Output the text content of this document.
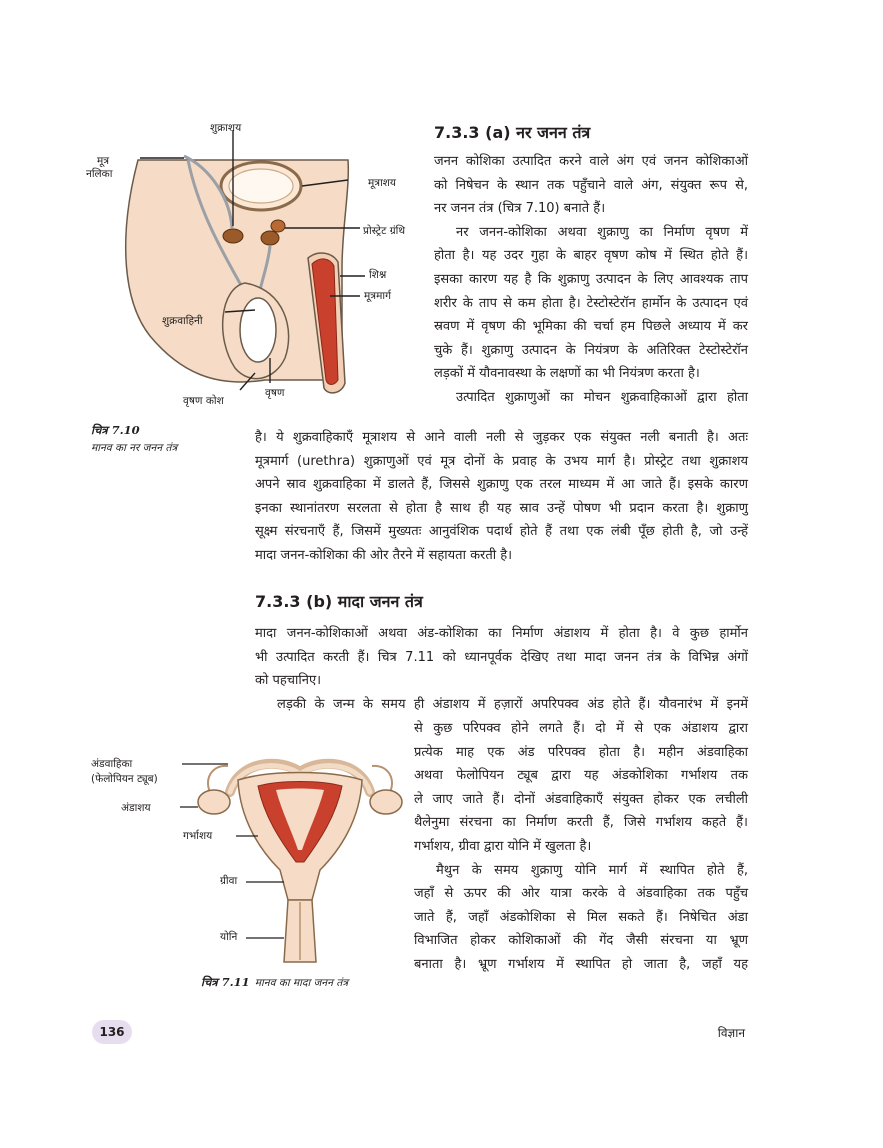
शुक्राशय
मूत्र
नलिका
मूत्राशय
प्रोस्ट्रेट ग्रंथि
शिश्न
मूत्रमार्ग
शुक्रवाहिनी
वृषण
वृषण कोश
चित्र 7.10
मानव का नर जनन तंत्र
7.3.3 (a) नर जनन तंत्र
जनन कोशिका उत्पादित करने वाले अंग एवं जनन कोशिकाओं
को निषेचन के स्थान तक पहुँचाने वाले अंग, संयुक्त रूप से,
नर जनन तंत्र (चित्र 7.10) बनाते हैं।
नर जनन-कोशिका अथवा शुक्राणु का निर्माण वृषण में
होता है। यह उदर गुहा के बाहर वृषण कोष में स्थित होते हैं।
इसका कारण यह है कि शुक्राणु उत्पादन के लिए आवश्यक ताप
शरीर के ताप से कम होता है। टेस्टोस्टेरॉन हार्मोन के उत्पादन एवं
स्रवण में वृषण की भूमिका की चर्चा हम पिछले अध्याय में कर
चुके हैं। शुक्राणु उत्पादन के नियंत्रण के अतिरिक्त टेस्टोस्टेरॉन
लड़कों में यौवनावस्था के लक्षणों का भी नियंत्रण करता है।
उत्पादित शुक्राणुओं का मोचन शुक्रवाहिकाओं द्वारा होता
है। ये शुक्रवाहिकाएँ मूत्राशय से आने वाली नली से जुड़कर एक संयुक्त नली बनाती है। अतः
मूत्रमार्ग (urethra) शुक्राणुओं एवं मूत्र दोनों के प्रवाह के उभय मार्ग है। प्रोस्ट्रेट तथा शुक्राशय
अपने स्राव शुक्रवाहिका में डालते हैं, जिससे शुक्राणु एक तरल माध्यम में आ जाते हैं। इसके कारण
इनका स्थानांतरण सरलता से होता है साथ ही यह स्राव उन्हें पोषण भी प्रदान करता है। शुक्राणु
सूक्ष्म संरचनाएँ हैं, जिसमें मुख्यतः आनुवंशिक पदार्थ होते हैं तथा एक लंबी पूँछ होती है, जो उन्हें
मादा जनन-कोशिका की ओर तैरने में सहायता करती है।
7.3.3 (b) मादा जनन तंत्र
मादा जनन-कोशिकाओं अथवा अंड-कोशिका का निर्माण अंडाशय में होता है। वे कुछ हार्मोन
भी उत्पादित करती हैं। चित्र 7.11 को ध्यानपूर्वक देखिए तथा मादा जनन तंत्र के विभिन्न अंगों
को पहचानिए।
लड़की के जन्म के समय ही अंडाशय में हज़ारों अपरिपक्व अंड होते हैं। यौवनारंभ में इनमें
से कुछ परिपक्व होने लगते हैं। दो में से एक अंडाशय द्वारा
प्रत्येक माह एक अंड परिपक्व होता है। महीन अंडवाहिका
अथवा फेलोपियन ट्यूब द्वारा यह अंडकोशिका गर्भाशय तक
ले जाए जाते हैं। दोनों अंडवाहिकाएँ संयुक्त होकर एक लचीली
थैलेनुमा संरचना का निर्माण करती हैं, जिसे गर्भाशय कहते हैं।
गर्भाशय, ग्रीवा द्वारा योनि में खुलता है।
मैथुन के समय शुक्राणु योनि मार्ग में स्थापित होते हैं,
जहाँ से ऊपर की ओर यात्रा करके वे अंडवाहिका तक पहुँच
जाते हैं, जहाँ अंडकोशिका से मिल सकते हैं। निषेचित अंडा
विभाजित होकर कोशिकाओं की गेंद जैसी संरचना या भ्रूण
बनाता है। भ्रूण गर्भाशय में स्थापित हो जाता है, जहाँ यह
अंडवाहिका
(फेलोपियन ट्यूब)
अंडाशय
गर्भाशय
ग्रीवा
योनि
चित्र 7.11 मानव का मादा जनन तंत्र
136	विज्ञान
